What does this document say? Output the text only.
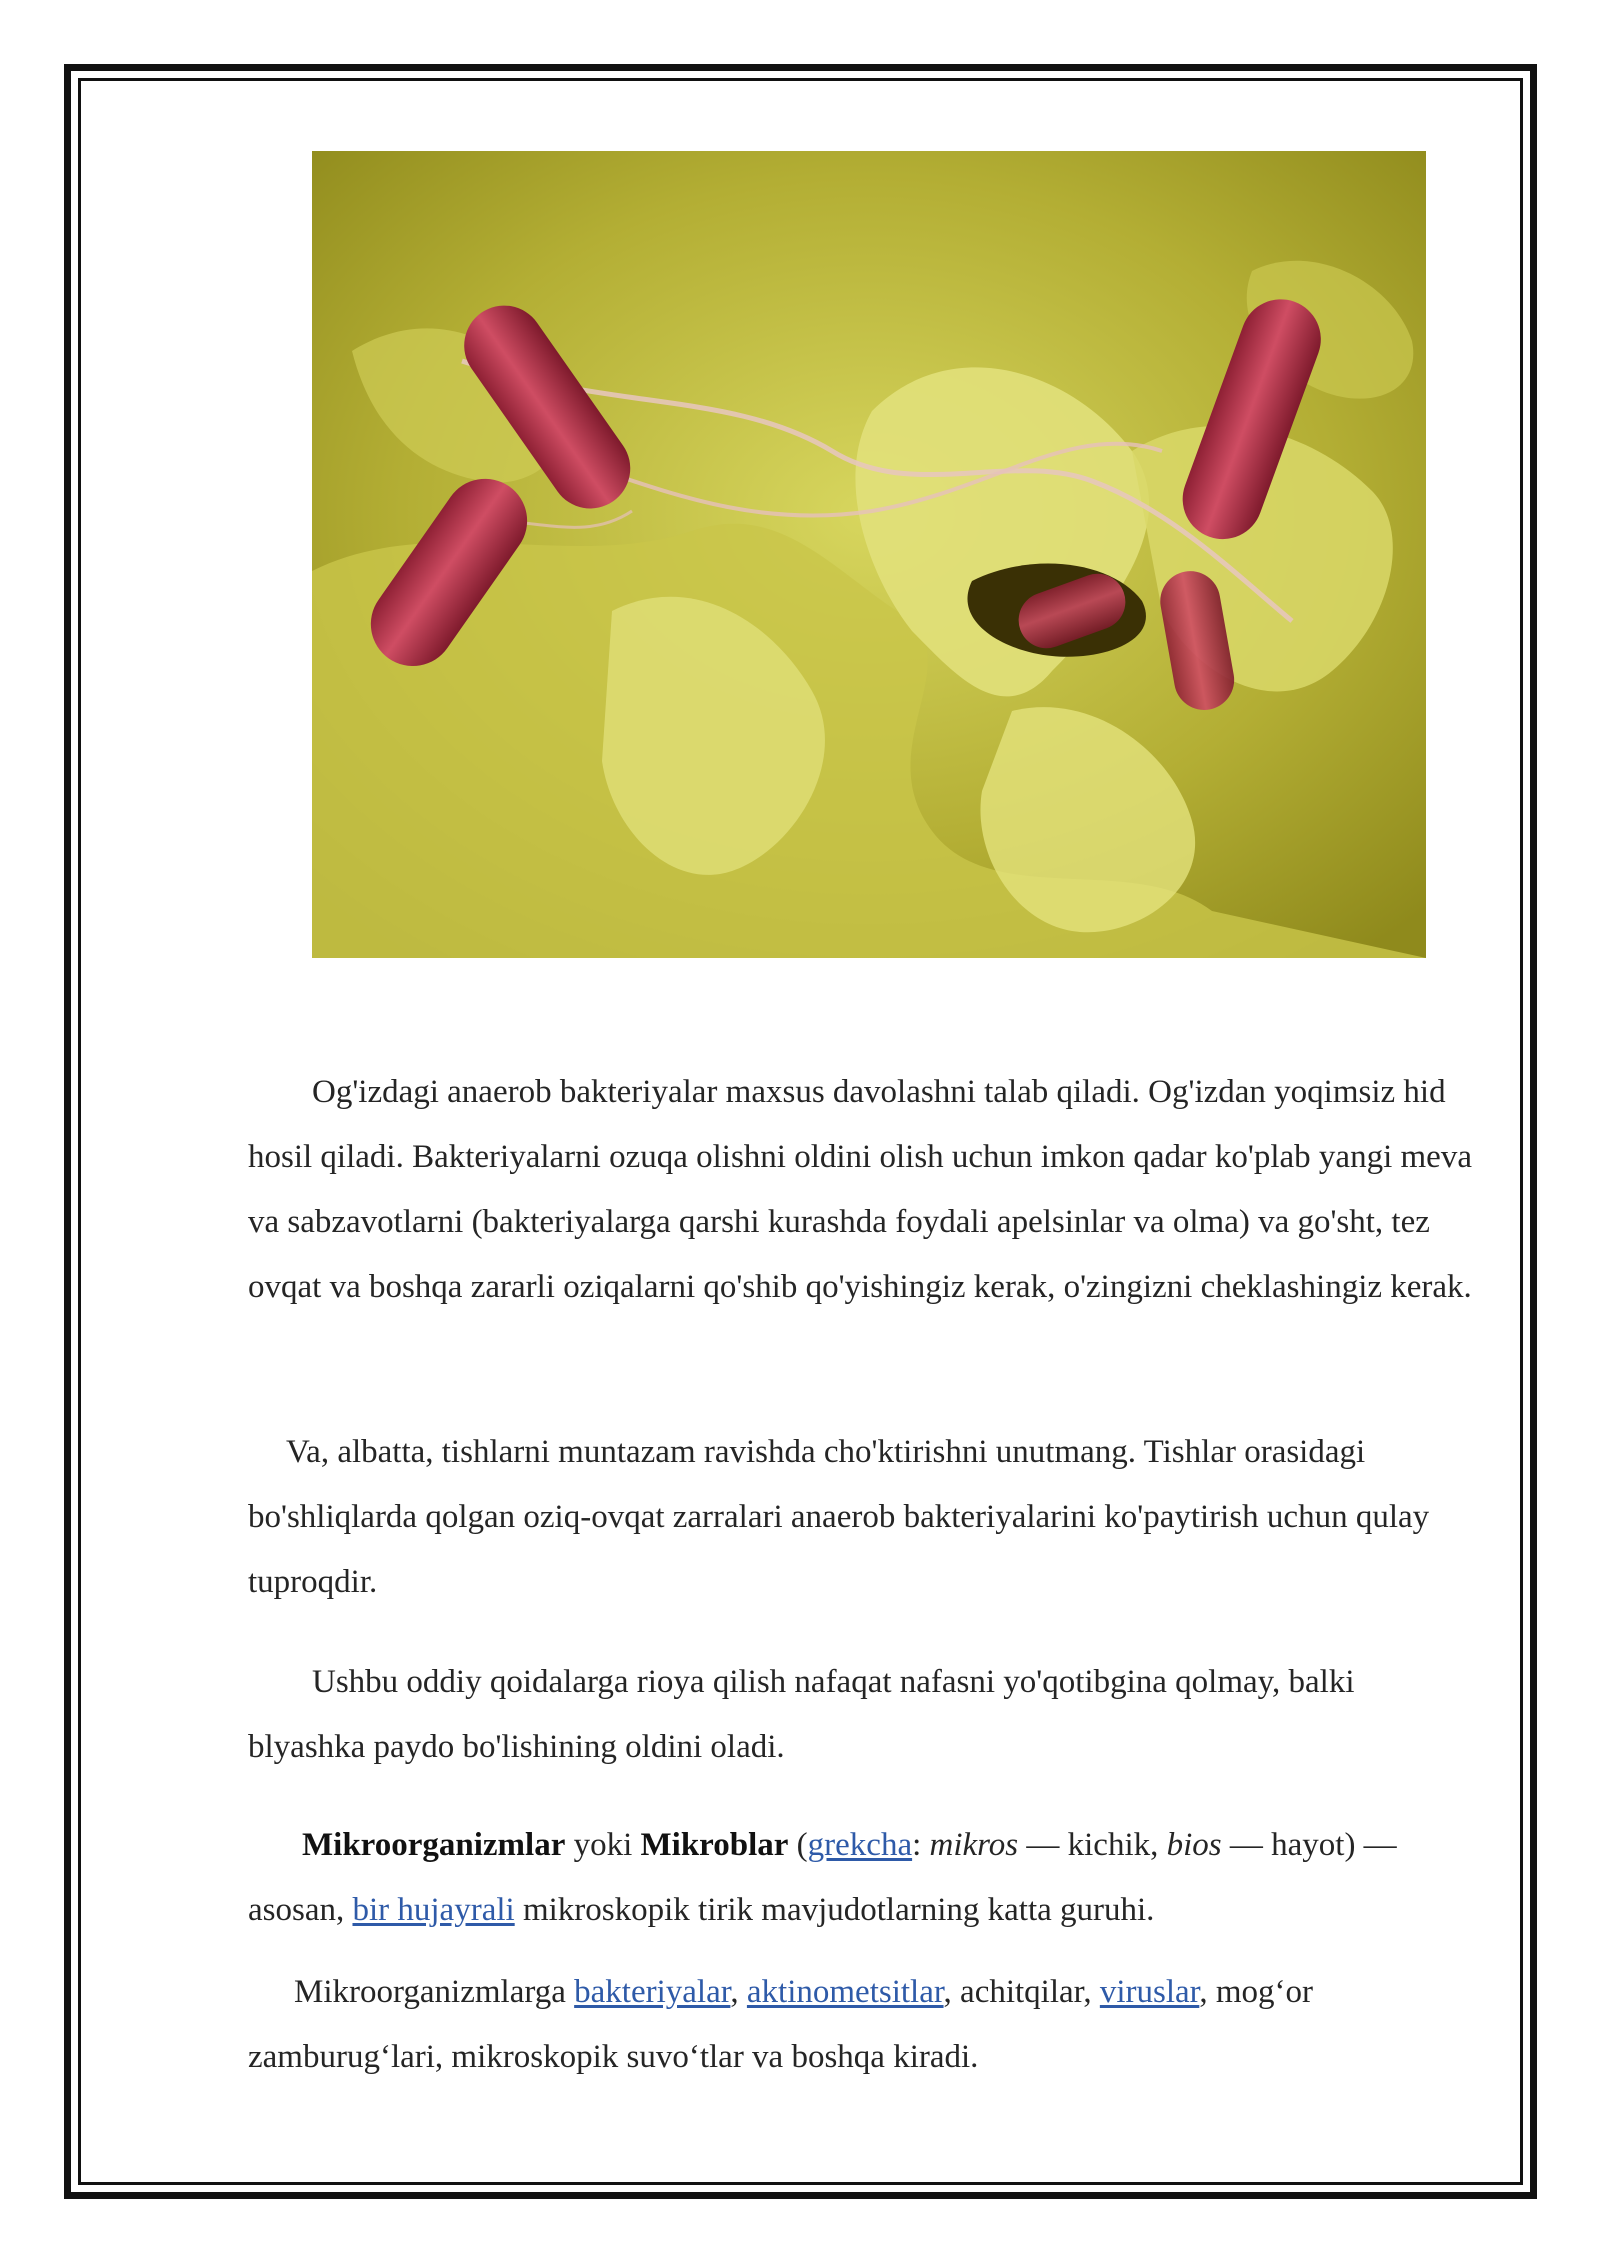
Og'izdagi anaerob bakteriyalar maxsus davolashni talab qiladi. Og'izdan yoqimsiz hid hosil qiladi. Bakteriyalarni ozuqa olishni oldini olish uchun imkon qadar ko'plab yangi meva va sabzavotlarni (bakteriyalarga qarshi kurashda foydali apelsinlar va olma) va go'sht, tez ovqat va boshqa zararli oziqalarni qo'shib qo'yishingiz kerak, o'zingizni cheklashingiz kerak.

Va, albatta, tishlarni muntazam ravishda cho'ktirishni unutmang. Tishlar orasidagi bo'shliqlarda qolgan oziq-ovqat zarralari anaerob bakteriyalarini ko'paytirish uchun qulay tuproqdir.

Ushbu oddiy qoidalarga rioya qilish nafaqat nafasni yo'qotibgina qolmay, balki blyashka paydo bo'lishining oldini oladi.

Mikroorganizmlar yoki Mikroblar (grekcha: mikros — kichik, bios — hayot) — asosan, bir hujayrali mikroskopik tirik mavjudotlarning katta guruhi.

Mikroorganizmlarga bakteriyalar, aktinometsitlar, achitqilar, viruslar, mog‘or zamburug‘lari, mikroskopik suvo‘tlar va boshqa kiradi.
